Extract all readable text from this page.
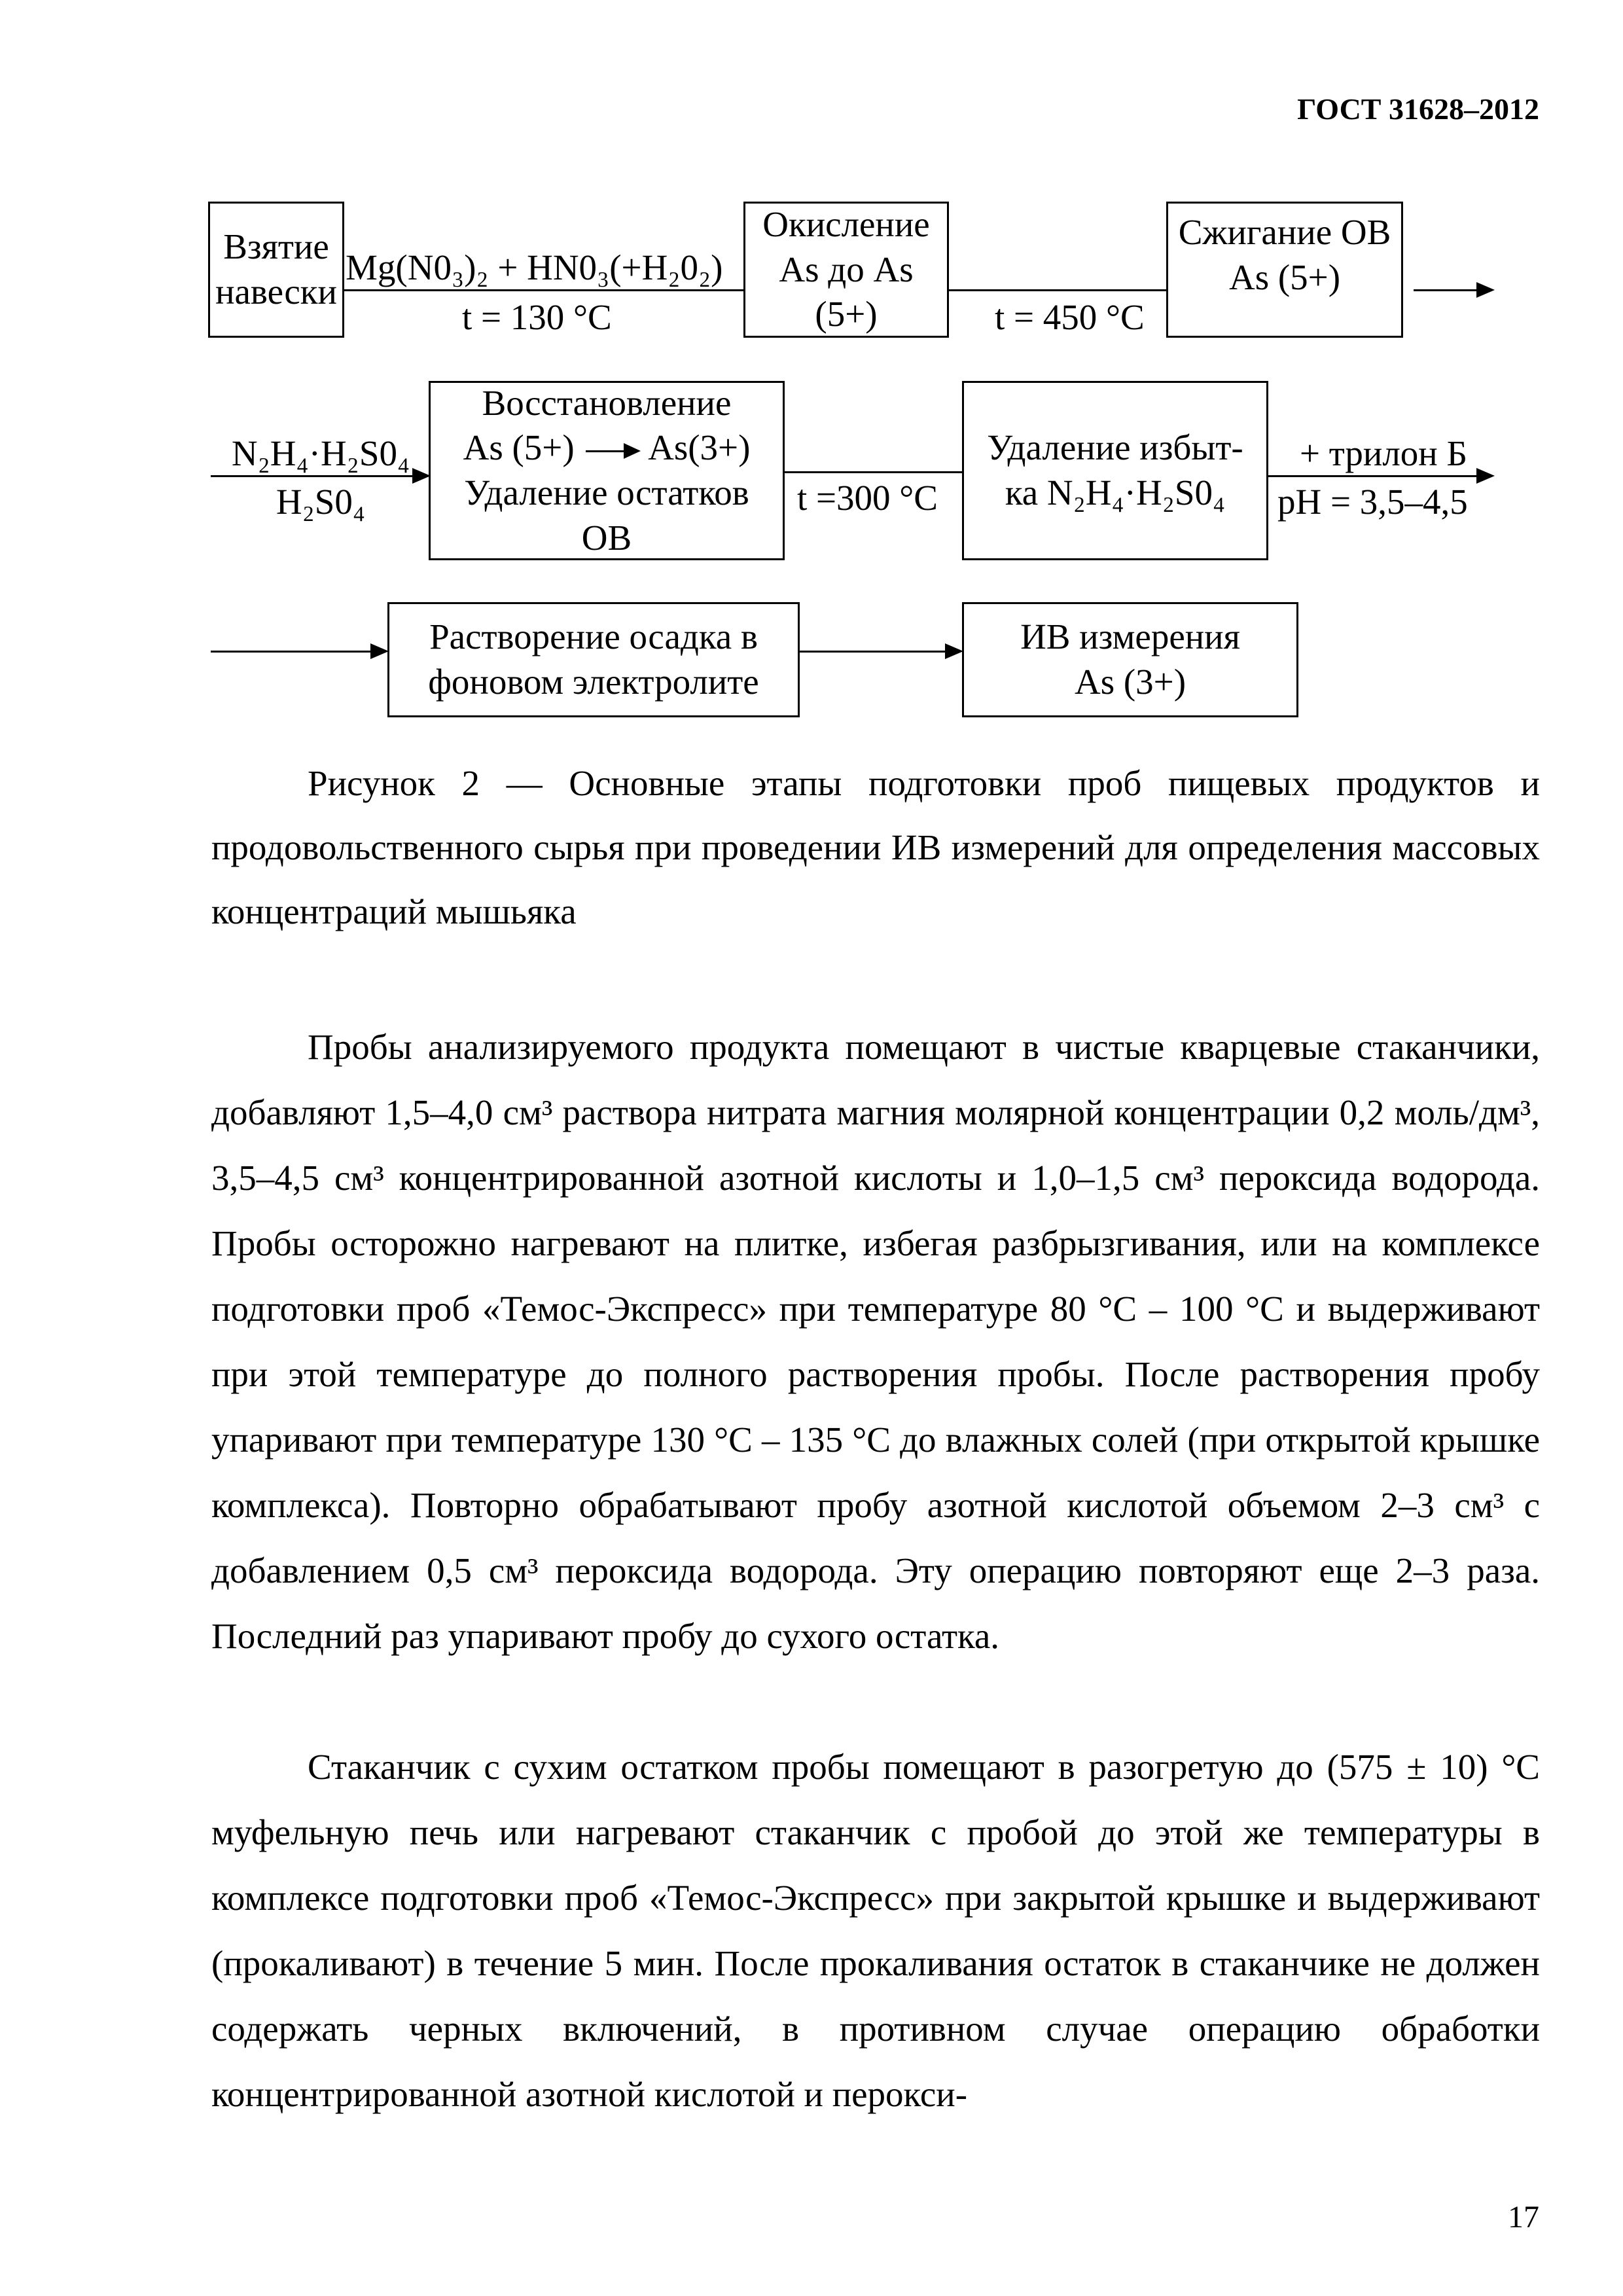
ГОСТ 31628–2012
Взятие навески
Mg(N0₃)₂ + HN0₃(+H₂0₂)
t = 130 °C
Окисление As до As (5+)	t = 450 °C
Сжигание ОВ As (5+)
N₂H₄·H₂S0₄
H₂S0₄
Восстановление
As (5+) As(3+)
Удаление остатков
ОВ
t =300 °C
Удаление избыт-ка N₂H₄·H₂S0₄
+ трилон Б
pH = 3,5–4,5
Растворение осадка в фоновом электролите
ИВ измерения As (3+)
Рисунок 2 — Основные этапы подготовки проб пищевых продуктов и продовольственного сырья при проведении ИВ измерений для определения массовых концентраций мышьяка
Пробы анализируемого продукта помещают в чистые кварцевые стаканчики, добавляют 1,5–4,0 см³ раствора нитрата магния молярной концентрации 0,2 моль/дм³, 3,5–4,5 см³ концентрированной азотной кислоты и 1,0–1,5 см³ пероксида водорода. Пробы осторожно нагревают на плитке, избегая разбрызгивания, или на комплексе подготовки проб «Темос-Экспресс» при температуре 80 °C – 100 °C и выдерживают при этой температуре до полного растворения пробы. После растворения пробу упаривают при температуре 130 °C – 135 °C до влажных солей (при открытой крышке комплекса). Повторно обрабатывают пробу азотной кислотой объемом 2–3 см³ с добавлением 0,5 см³ пероксида водорода. Эту операцию повторяют еще 2–3 раза. Последний раз упаривают пробу до сухого остатка.
Стаканчик с сухим остатком пробы помещают в разогретую до (575 ± 10) °C муфельную печь или нагревают стаканчик с пробой до этой же температуры в комплексе подготовки проб «Темос-Экспресс» при закрытой крышке и выдерживают (прокаливают) в течение 5 мин. После прокаливания остаток в стаканчике не должен содержать черных включений, в противном случае операцию обработки концентрированной азотной кислотой и перокси-
17
